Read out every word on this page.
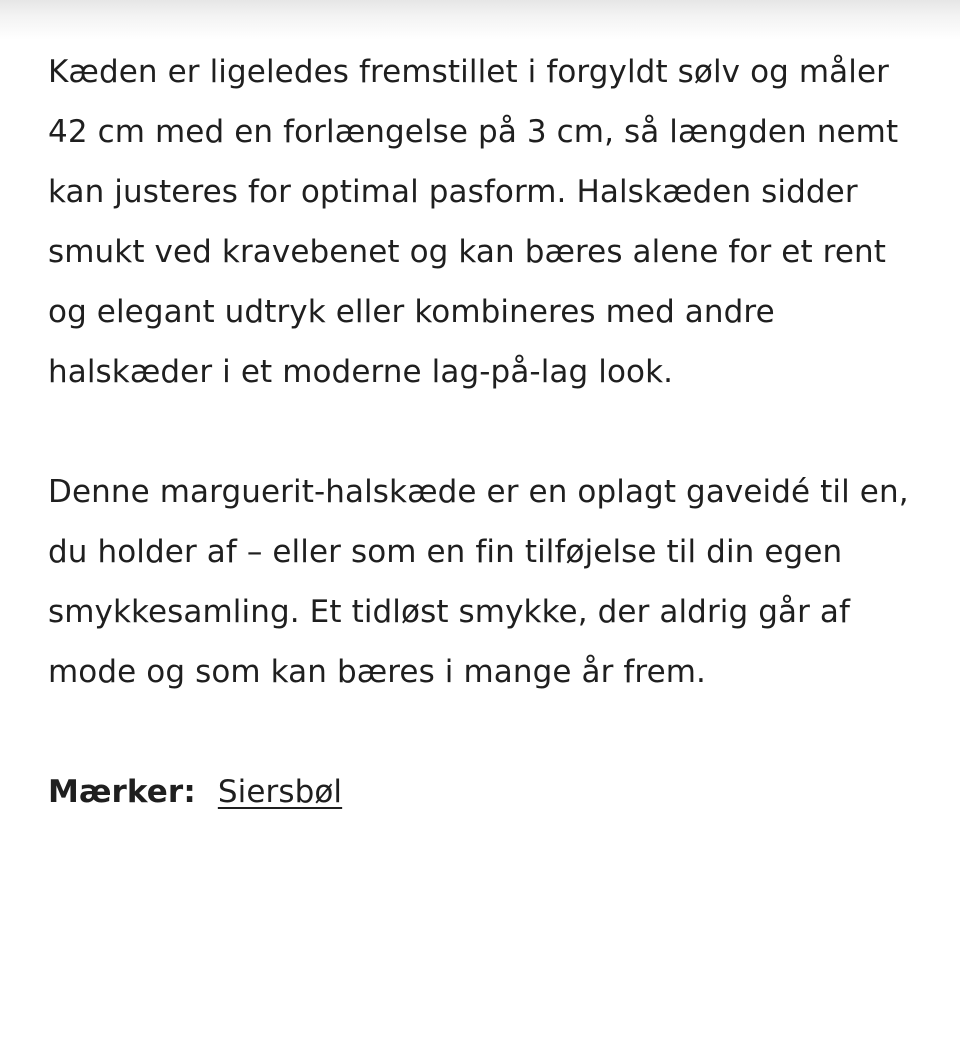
Kæden er ligeledes fremstillet i forgyldt sølv og måler 42 cm med en forlængelse på 3 cm, så længden nemt kan justeres for optimal pasform. Halskæden sidder smukt ved kravebenet og kan bæres alene for et rent og elegant udtryk eller kombineres med andre halskæder i et moderne lag-på-lag look.

Denne marguerit-halskæde er en oplagt gaveidé til en, du holder af – eller som en fin tilføjelse til din egen smykkesamling. Et tidløst smykke, der aldrig går af mode og som kan bæres i mange år frem.

Mærker: Siersbøl
